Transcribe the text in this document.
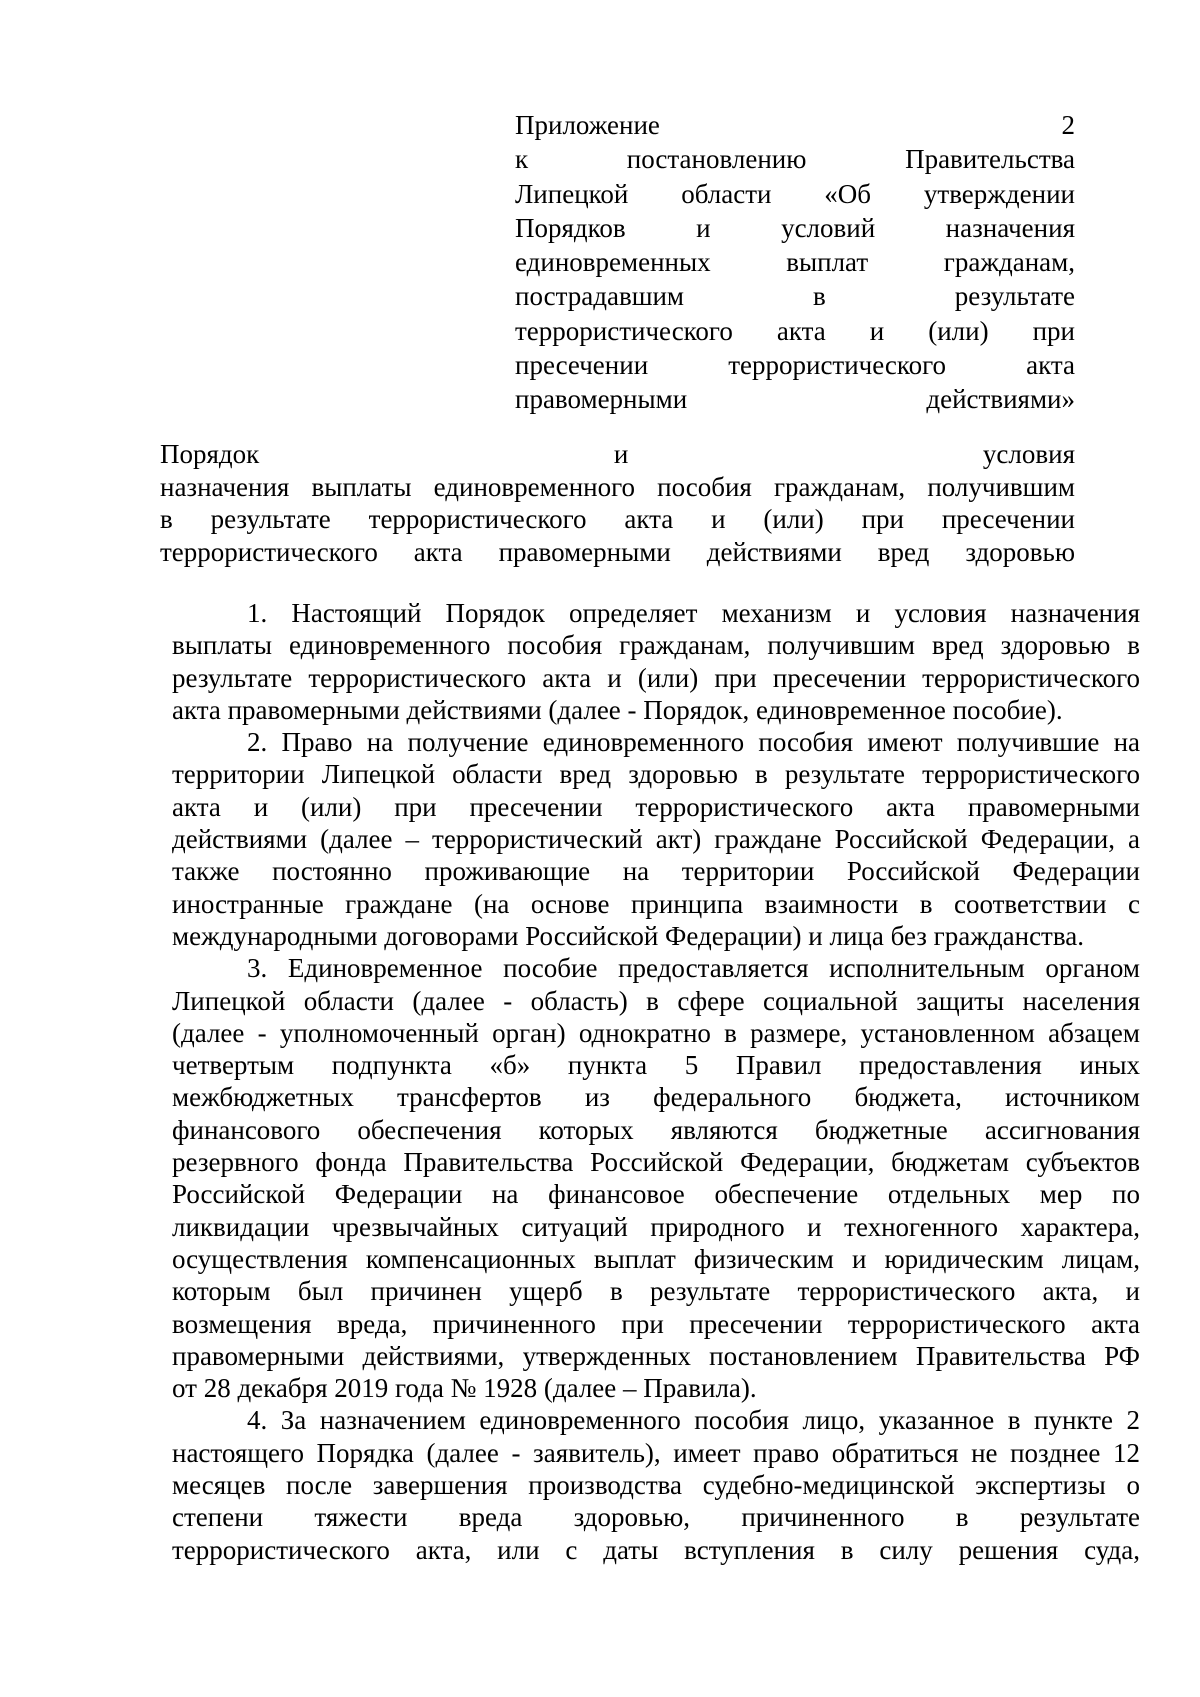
Приложение 2
к постановлению Правительства
Липецкой области «Об утверждении
Порядков и условий назначения
единовременных выплат гражданам,
пострадавшим в результате
террористического акта и (или) при
пресечении террористического акта
правомерными действиями»
Порядок и условия
назначения выплаты единовременного пособия гражданам, получившим
в результате террористического акта и (или) при пресечении
террористического акта правомерными действиями вред здоровью
1. Настоящий Порядок определяет механизм и условия назначения
выплаты единовременного пособия гражданам, получившим вред здоровью в
результате террористического акта и (или) при пресечении террористического
акта правомерными действиями (далее - Порядок, единовременное пособие).
2. Право на получение единовременного пособия имеют получившие на
территории Липецкой области вред здоровью в результате террористического
акта и (или) при пресечении террористического акта правомерными
действиями (далее – террористический акт) граждане Российской Федерации, а
также постоянно проживающие на территории Российской Федерации
иностранные граждане (на основе принципа взаимности в соответствии с
международными договорами Российской Федерации) и лица без гражданства.
3. Единовременное пособие предоставляется исполнительным органом
Липецкой области (далее - область) в сфере социальной защиты населения
(далее - уполномоченный орган) однократно в размере, установленном абзацем
четвертым подпункта «б» пункта 5 Правил предоставления иных
межбюджетных трансфертов из федерального бюджета, источником
финансового обеспечения которых являются бюджетные ассигнования
резервного фонда Правительства Российской Федерации, бюджетам субъектов
Российской Федерации на финансовое обеспечение отдельных мер по
ликвидации чрезвычайных ситуаций природного и техногенного характера,
осуществления компенсационных выплат физическим и юридическим лицам,
которым был причинен ущерб в результате террористического акта, и
возмещения вреда, причиненного при пресечении террористического акта
правомерными действиями, утвержденных постановлением Правительства РФ
от 28 декабря 2019 года № 1928 (далее – Правила).
4. За назначением единовременного пособия лицо, указанное в пункте 2
настоящего Порядка (далее - заявитель), имеет право обратиться не позднее 12
месяцев после завершения производства судебно-медицинской экспертизы о
степени тяжести вреда здоровью, причиненного в результате
террористического акта, или с даты вступления в силу решения суда,
